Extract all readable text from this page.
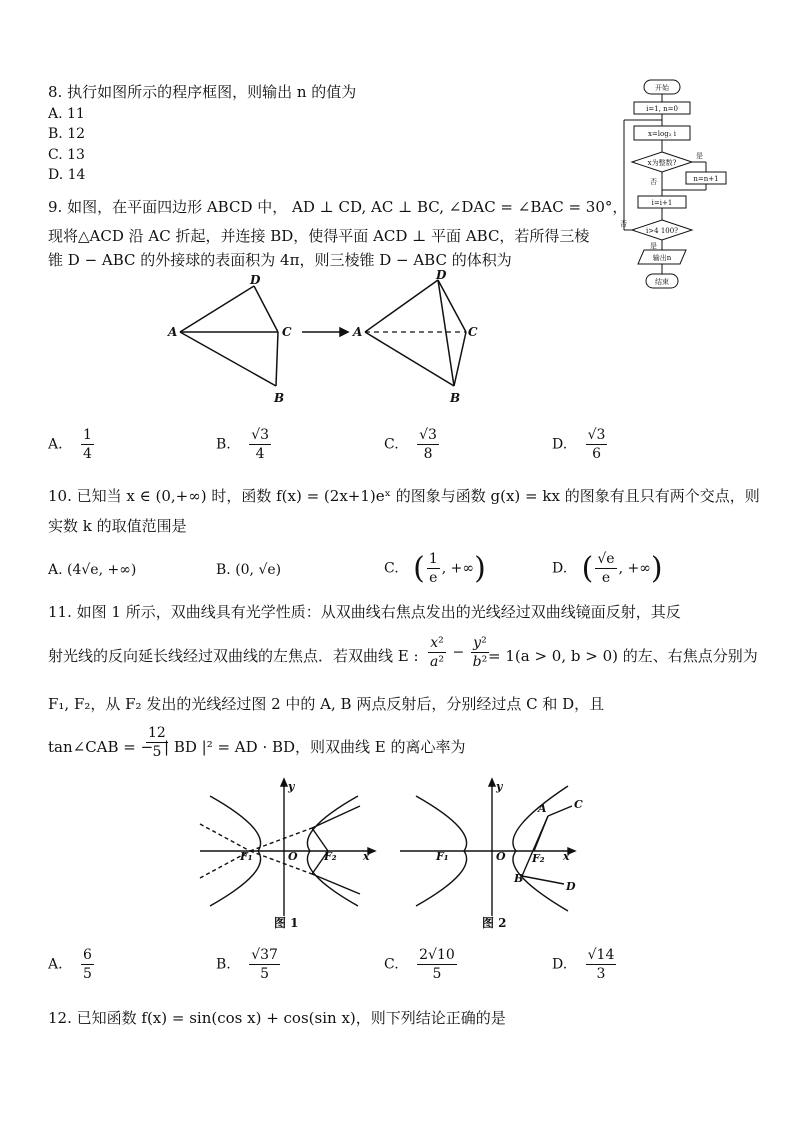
8. 执行如图所示的程序框图，则输出 n 的值为
A. 11
B. 12
C. 13
D. 14
开始
i=1, n=0
x=log₂ i
x为整数?
是
n=n+1
否
i=i+1
i>4 100?
否
是
输出n
结束
9. 如图，在平面四边形 ABCD 中， AD ⊥ CD, AC ⊥ BC, ∠DAC = ∠BAC = 30°，
现将△ACD 沿 AC 折起，并连接 BD，使得平面 ACD ⊥ 平面 ABC，若所得三棱
锥 D − ABC 的外接球的表面积为 4π，则三棱锥 D − ABC 的体积为
A
D
C
B
A
D
C
B
A. $\frac{1}{4}$	B. $\frac{√3}{4}$	C. $\frac{√3}{8}$	D. $\frac{√3}{6}$
10. 已知当 x ∈ (0,+∞) 时，函数 f(x) = (2x+1)eˣ 的图象与函数 g(x) = kx 的图象有且只有两个交点，则
实数 k 的取值范围是
A. (4√e, +∞)	B. (0, √e)	C. ( $\frac{1}{e}$ , +∞)	D. ( $\frac{√e}{e}$ , +∞)
11. 如图 1 所示，双曲线具有光学性质：从双曲线右焦点发出的光线经过双曲线镜面反射，其反
射光线的反向延长线经过双曲线的左焦点．若双曲线 E : $\frac{\text{x²}}{\text{a²}} - \frac{\text{y²}}{\text{b²}}$
= 1(a > 0, b > 0) 的左、右焦点分别为
F₁, F₂，从 F₂ 发出的光线经过图 2 中的 A, B 两点反射后，分别经过点 C 和 D，且
tan∠CAB = −
$\frac{12}{5}$
| BD |² = AD · BD，则双曲线 E 的离心率为
F₁	O F₂ x
y
图 1
F₁	O F₂ x
y
A C
B
D
图 2
A. $\frac{6}{5}$	B. $\frac{√37}{5}$	C. $\frac{2√10}{5}$	D. $\frac{√14}{3}$
12. 已知函数 f(x) = sin(cos x) + cos(sin x)，则下列结论正确的是
